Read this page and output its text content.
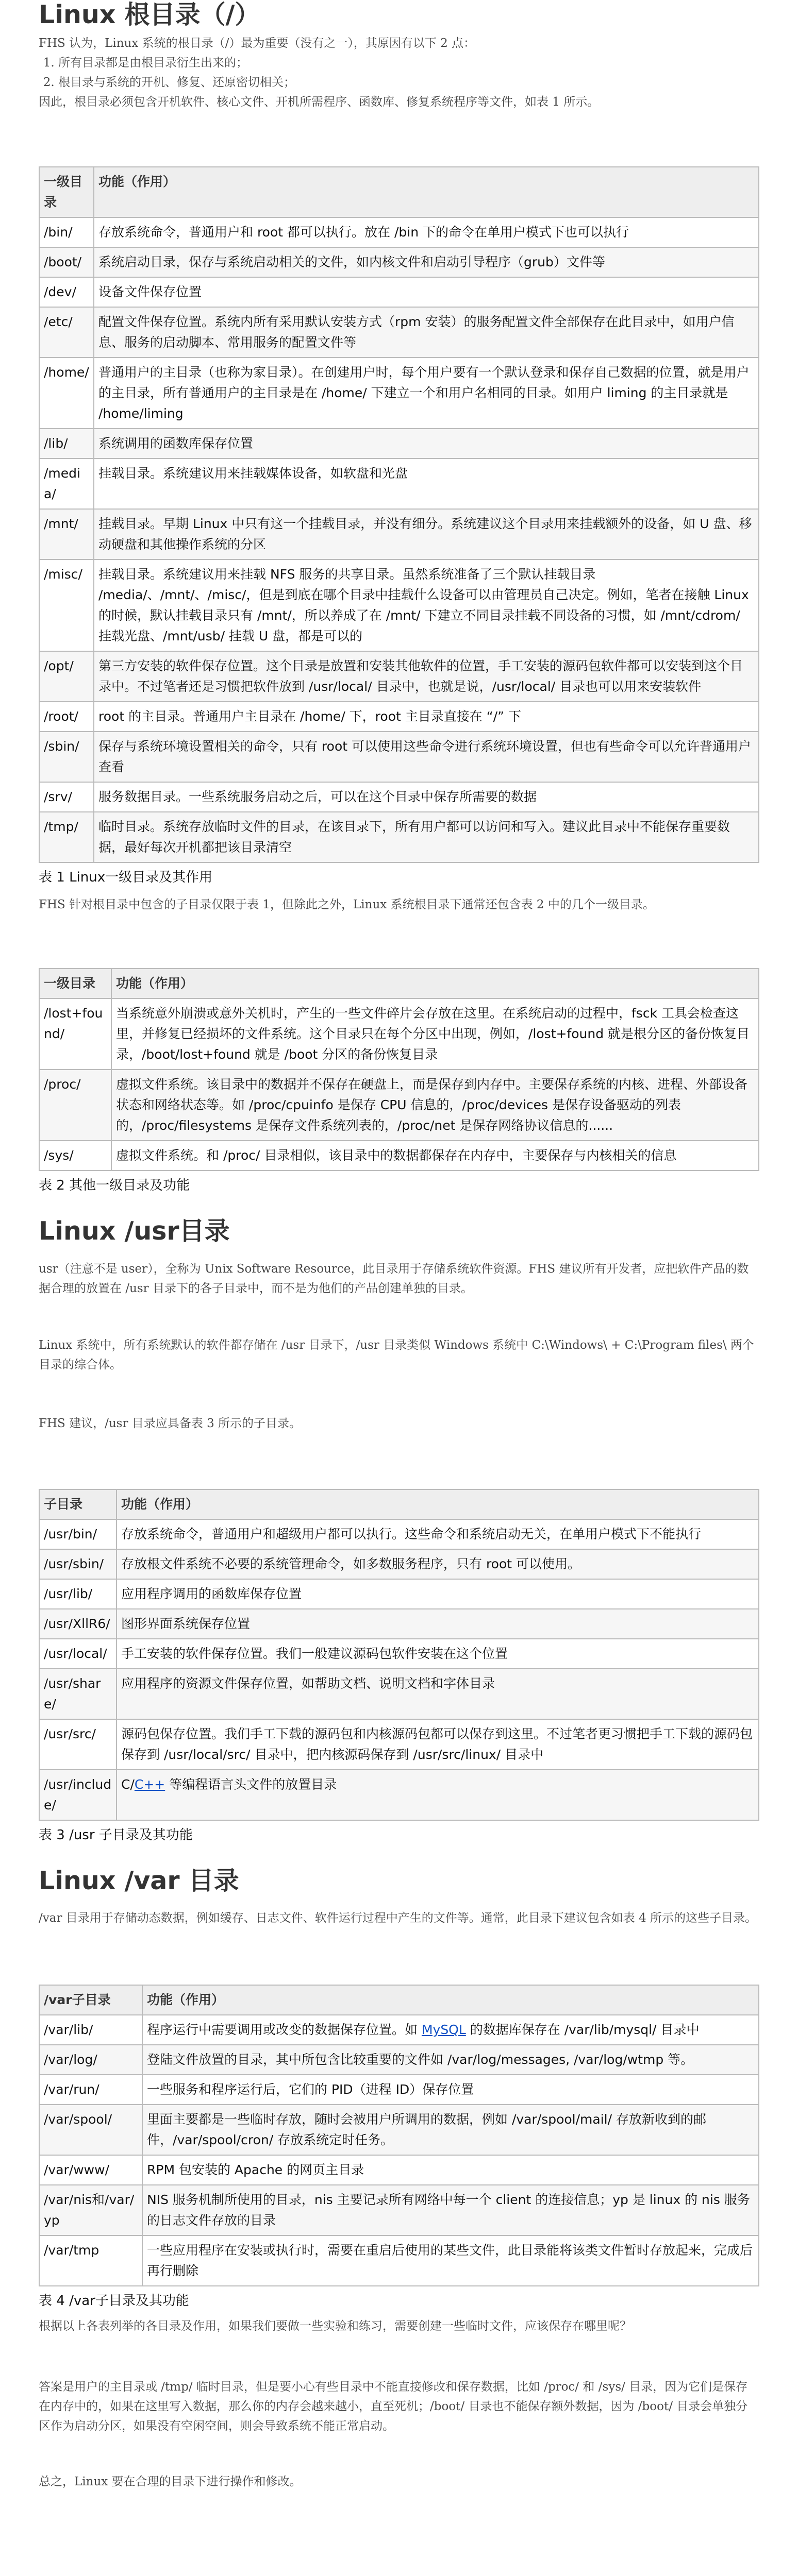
Linux 根目录（/）

FHS 认为，Linux 系统的根目录（/）最为重要（没有之一），其原因有以下 2 点：

1. 所有目录都是由根目录衍生出来的；
2. 根目录与系统的开机、修复、还原密切相关；

因此，根目录必须包含开机软件、核心文件、开机所需程序、函数库、修复系统程序等文件，如表 1 所示。

一级目录	功能（作用）
/bin/	存放系统命令，普通用户和 root 都可以执行。放在 /bin 下的命令在单用户模式下也可以执行
/boot/	系统启动目录，保存与系统启动相关的文件，如内核文件和启动引导程序（grub）文件等
/dev/	设备文件保存位置
/etc/	配置文件保存位置。系统内所有采用默认安装方式（rpm 安装）的服务配置文件全部保存在此目录中，如用户信息、服务的启动脚本、常用服务的配置文件等
/home/	普通用户的主目录（也称为家目录）。在创建用户时，每个用户要有一个默认登录和保存自己数据的位置，就是用户的主目录，所有普通用户的主目录是在 /home/ 下建立一个和用户名相同的目录。如用户 liming 的主目录就是 /home/liming
/lib/	系统调用的函数库保存位置
/media/	挂载目录。系统建议用来挂载媒体设备，如软盘和光盘
/mnt/	挂载目录。早期 Linux 中只有这一个挂载目录，并没有细分。系统建议这个目录用来挂载额外的设备，如 U 盘、移动硬盘和其他操作系统的分区
/misc/	挂载目录。系统建议用来挂载 NFS 服务的共享目录。虽然系统准备了三个默认挂载目录 /media/、/mnt/、/misc/，但是到底在哪个目录中挂载什么设备可以由管理员自己决定。例如，笔者在接触 Linux 的时候，默认挂载目录只有 /mnt/，所以养成了在 /mnt/ 下建立不同目录挂载不同设备的习惯，如 /mnt/cdrom/ 挂载光盘、/mnt/usb/ 挂载 U 盘，都是可以的
/opt/	第三方安装的软件保存位置。这个目录是放置和安装其他软件的位置，手工安装的源码包软件都可以安装到这个目录中。不过笔者还是习惯把软件放到 /usr/local/ 目录中，也就是说，/usr/local/ 目录也可以用来安装软件
/root/	root 的主目录。普通用户主目录在 /home/ 下，root 主目录直接在 “/” 下
/sbin/	保存与系统环境设置相关的命令，只有 root 可以使用这些命令进行系统环境设置，但也有些命令可以允许普通用户查看
/srv/	服务数据目录。一些系统服务启动之后，可以在这个目录中保存所需要的数据
/tmp/	临时目录。系统存放临时文件的目录，在该目录下，所有用户都可以访问和写入。建议此目录中不能保存重要数据，最好每次开机都把该目录清空

表 1 Linux一级目录及其作用

FHS 针对根目录中包含的子目录仅限于表 1，但除此之外，Linux 系统根目录下通常还包含表 2 中的几个一级目录。

一级目录	功能（作用）
/lost+found/	当系统意外崩溃或意外关机时，产生的一些文件碎片会存放在这里。在系统启动的过程中，fsck 工具会检查这里，并修复已经损坏的文件系统。这个目录只在每个分区中出现，例如，/lost+found 就是根分区的备份恢复目录，/boot/lost+found 就是 /boot 分区的备份恢复目录
/proc/	虚拟文件系统。该目录中的数据并不保存在硬盘上，而是保存到内存中。主要保存系统的内核、进程、外部设备状态和网络状态等。如 /proc/cpuinfo 是保存 CPU 信息的，/proc/devices 是保存设备驱动的列表的，/proc/filesystems 是保存文件系统列表的，/proc/net 是保存网络协议信息的......
/sys/	虚拟文件系统。和 /proc/ 目录相似，该目录中的数据都保存在内存中，主要保存与内核相关的信息

表 2 其他一级目录及功能

Linux /usr目录

usr（注意不是 user），全称为 Unix Software Resource，此目录用于存储系统软件资源。FHS 建议所有开发者，应把软件产品的数据合理的放置在 /usr 目录下的各子目录中，而不是为他们的产品创建单独的目录。

Linux 系统中，所有系统默认的软件都存储在 /usr 目录下，/usr 目录类似 Windows 系统中 C:\Windows\ + C:\Program files\ 两个目录的综合体。

FHS 建议，/usr 目录应具备表 3 所示的子目录。

子目录	功能（作用）
/usr/bin/	存放系统命令，普通用户和超级用户都可以执行。这些命令和系统启动无关，在单用户模式下不能执行
/usr/sbin/	存放根文件系统不必要的系统管理命令，如多数服务程序，只有 root 可以使用。
/usr/lib/	应用程序调用的函数库保存位置
/usr/XllR6/	图形界面系统保存位置
/usr/local/	手工安装的软件保存位置。我们一般建议源码包软件安装在这个位置
/usr/share/	应用程序的资源文件保存位置，如帮助文档、说明文档和字体目录
/usr/src/	源码包保存位置。我们手工下载的源码包和内核源码包都可以保存到这里。不过笔者更习惯把手工下载的源码包保存到 /usr/local/src/ 目录中，把内核源码保存到 /usr/src/linux/ 目录中
/usr/include/	C/C++ 等编程语言头文件的放置目录

表 3 /usr 子目录及其功能

Linux /var 目录

/var 目录用于存储动态数据，例如缓存、日志文件、软件运行过程中产生的文件等。通常，此目录下建议包含如表 4 所示的这些子目录。

/var子目录	功能（作用）
/var/lib/	程序运行中需要调用或改变的数据保存位置。如 MySQL 的数据库保存在 /var/lib/mysql/ 目录中
/var/log/	登陆文件放置的目录，其中所包含比较重要的文件如 /var/log/messages, /var/log/wtmp 等。
/var/run/	一些服务和程序运行后，它们的 PID（进程 ID）保存位置
/var/spool/	里面主要都是一些临时存放，随时会被用户所调用的数据，例如 /var/spool/mail/ 存放新收到的邮件，/var/spool/cron/ 存放系统定时任务。
/var/www/	RPM 包安装的 Apache 的网页主目录
/var/nis和/var/yp	NIS 服务机制所使用的目录，nis 主要记录所有网络中每一个 client 的连接信息；yp 是 linux 的 nis 服务的日志文件存放的目录
/var/tmp	一些应用程序在安装或执行时，需要在重启后使用的某些文件，此目录能将该类文件暂时存放起来，完成后再行删除

表 4 /var子目录及其功能

根据以上各表列举的各目录及作用，如果我们要做一些实验和练习，需要创建一些临时文件，应该保存在哪里呢？

答案是用户的主目录或 /tmp/ 临时目录，但是要小心有些目录中不能直接修改和保存数据，比如 /proc/ 和 /sys/ 目录，因为它们是保存在内存中的，如果在这里写入数据，那么你的内存会越来越小，直至死机；/boot/ 目录也不能保存额外数据，因为 /boot/ 目录会单独分区作为启动分区，如果没有空闲空间，则会导致系统不能正常启动。

总之，Linux 要在合理的目录下进行操作和修改。
